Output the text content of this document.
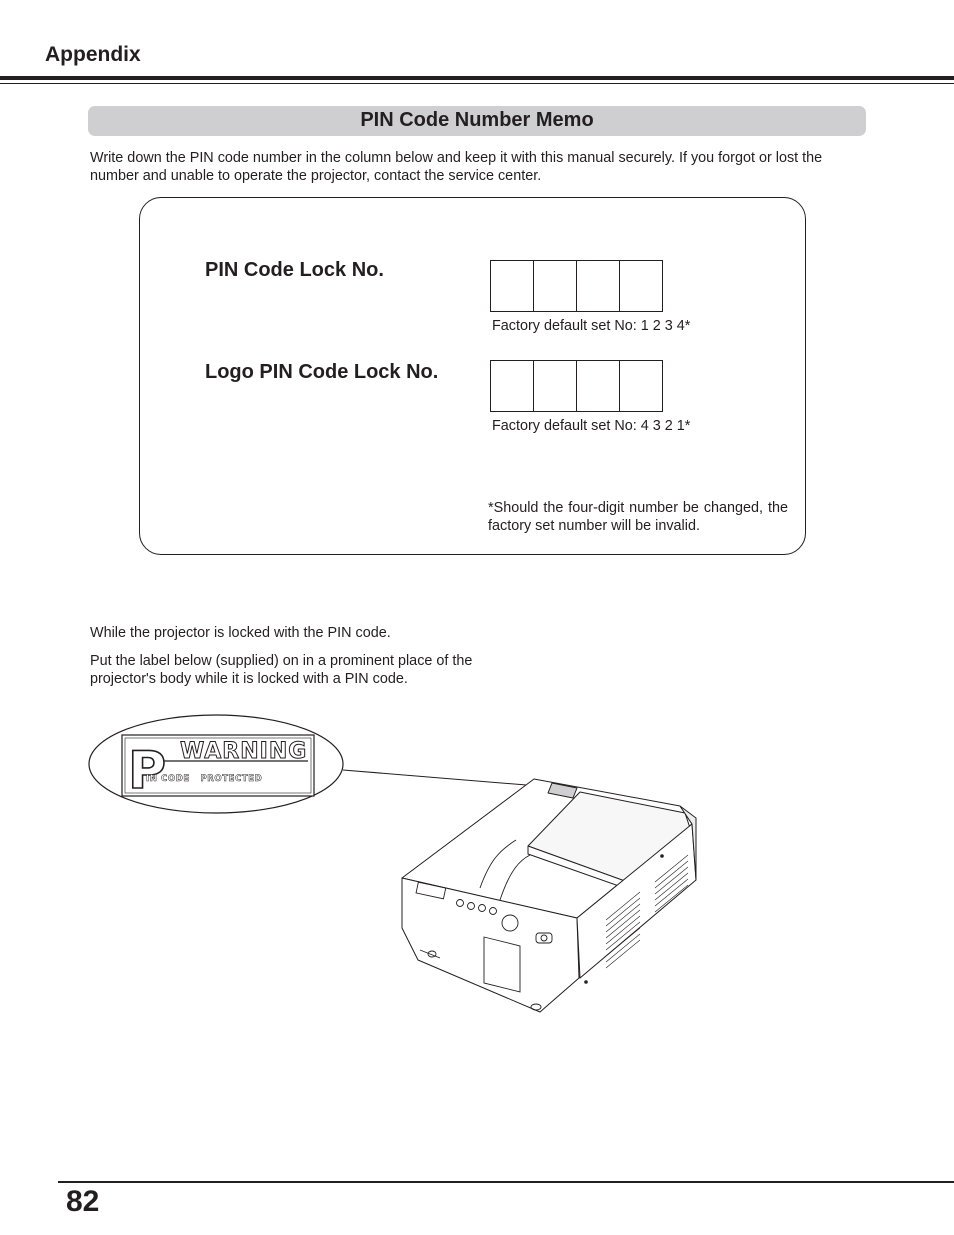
Appendix
PIN Code Number Memo

Write down the PIN code number in the column below and keep it with this manual securely. If you forgot or lost the number and unable to operate the projector, contact the service center.

PIN Code Lock No.
Factory default set No: 1 2 3 4*
Logo PIN Code Lock No.
Factory default set No: 4 3 2 1*

*Should the four-digit number be changed, the factory set number will be invalid.

While the projector is locked with the PIN code.

Put the label below (supplied) on in a prominent place of the projector's body while it is locked with a PIN code.

P WARNING
IN CODE   PROTECTED
82
